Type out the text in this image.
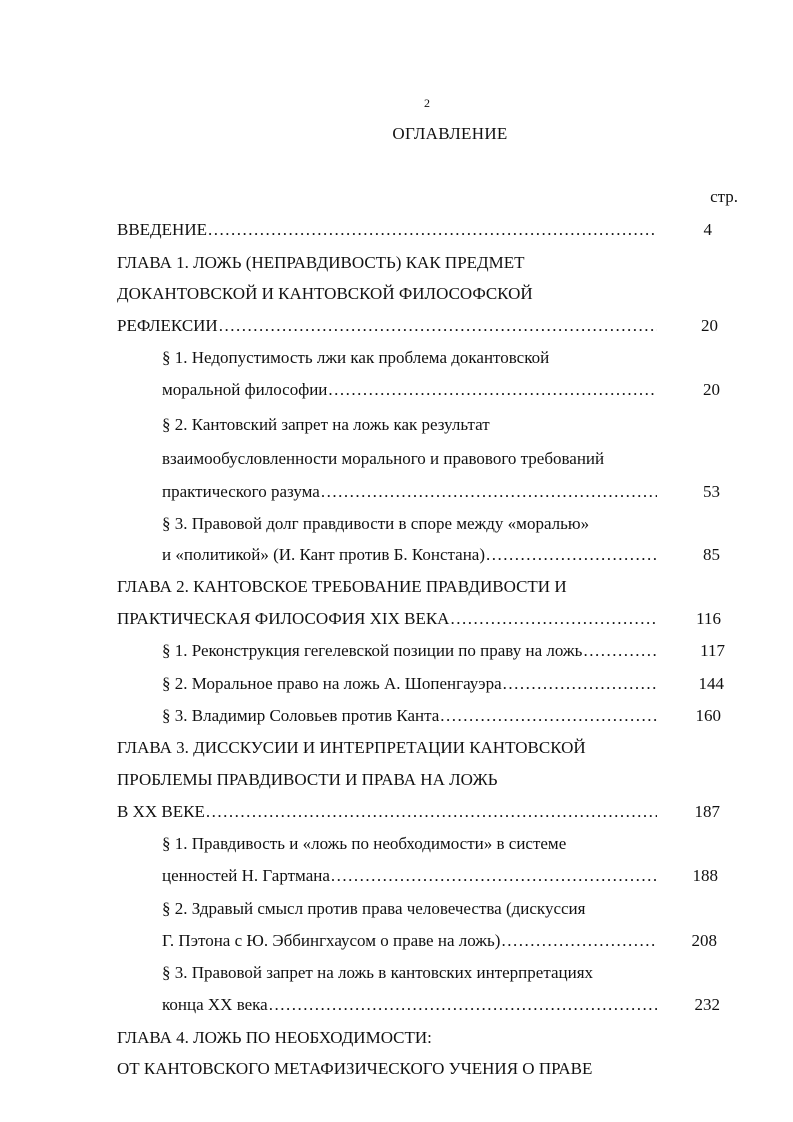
2
ОГЛАВЛЕНИЕ
стр.
ВВЕДЕНИЕ .....	4
ГЛАВА 1. ЛОЖЬ (НЕПРАВДИВОСТЬ) КАК ПРЕДМЕТ
ДОКАНТОВСКОЙ И КАНТОВСКОЙ ФИЛОСОФСКОЙ
РЕФЛЕКСИИ .....	20
§ 1. Недопустимость лжи как проблема докантовской
моральной философии .....	20
§ 2. Кантовский запрет на ложь как результат
взаимообусловленности морального и правового требований
практического разума .....	53
§ 3. Правовой долг правдивости в споре между «моралью»
и «политикой» (И. Кант против Б. Констана) .....	85
ГЛАВА 2. КАНТОВСКОЕ ТРЕБОВАНИЕ ПРАВДИВОСТИ И
ПРАКТИЧЕСКАЯ ФИЛОСОФИЯ XIX ВЕКА .....	116
§ 1. Реконструкция гегелевской позиции по праву на ложь .....	117
§ 2. Моральное право на ложь А. Шопенгауэра .....	144
§ 3. Владимир Соловьев против Канта .....	160
ГЛАВА 3. ДИССКУСИИ И ИНТЕРПРЕТАЦИИ КАНТОВСКОЙ
ПРОБЛЕМЫ ПРАВДИВОСТИ И ПРАВА НА ЛОЖЬ
В XX ВЕКЕ .....	187
§ 1. Правдивость и «ложь по необходимости» в системе
ценностей Н. Гартмана .....	188
§ 2. Здравый смысл против права человечества (дискуссия
Г. Пэтона с Ю. Эббингхаусом о праве на ложь) .....	208
§ 3. Правовой запрет на ложь в кантовских интерпретациях
конца XX века .....	232
ГЛАВА 4. ЛОЖЬ ПО НЕОБХОДИМОСТИ:
ОТ КАНТОВСКОГО МЕТАФИЗИЧЕСКОГО УЧЕНИЯ О ПРАВЕ
